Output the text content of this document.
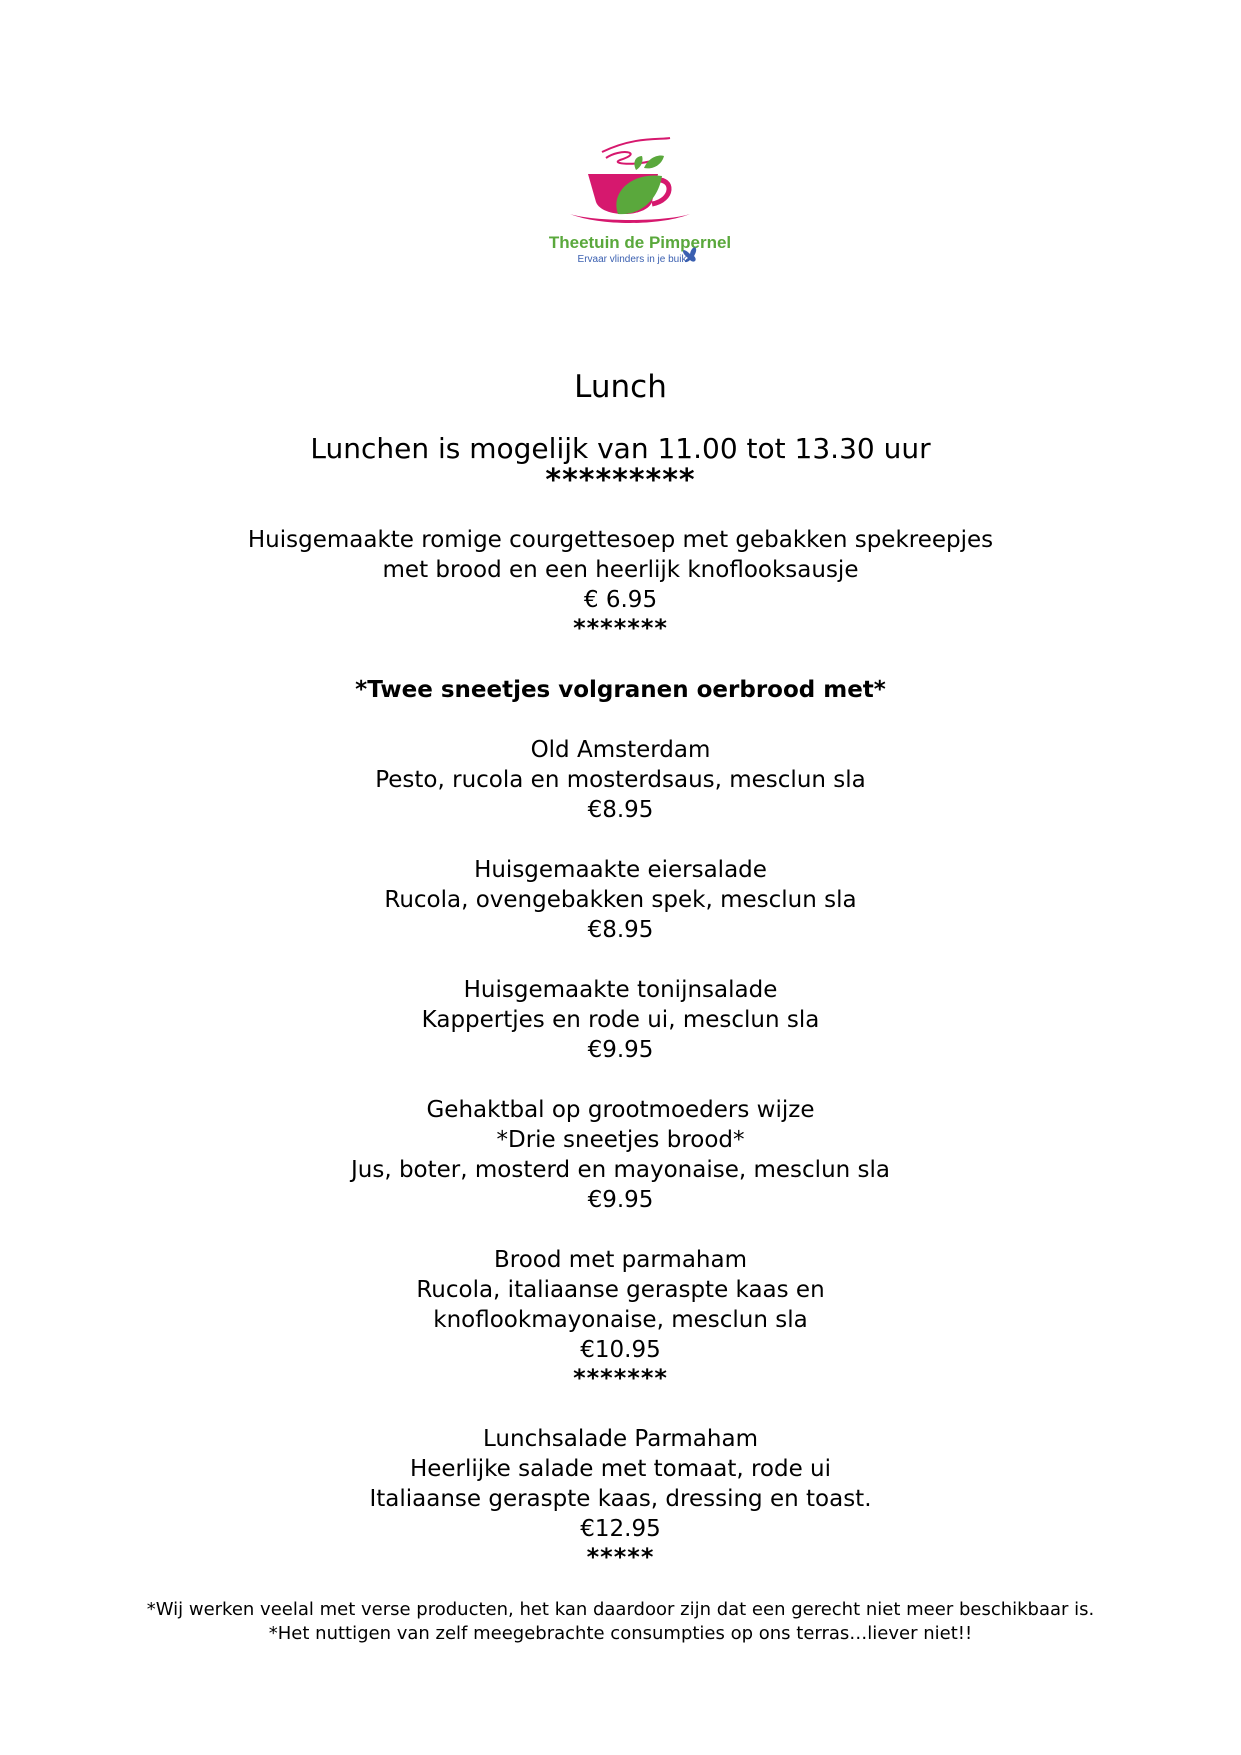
Theetuin de Pimpernel
Ervaar vlinders in je buik
Lunch
Lunchen is mogelijk van 11.00 tot 13.30 uur
*********
Huisgemaakte romige courgettesoep met gebakken spekreepjes
met brood en een heerlijk knoflooksausje
€ 6.95
*******
*Twee sneetjes volgranen oerbrood met*
Old Amsterdam
Pesto, rucola en mosterdsaus, mesclun sla
€8.95
Huisgemaakte eiersalade
Rucola, ovengebakken spek, mesclun sla
€8.95
Huisgemaakte tonijnsalade
Kappertjes en rode ui, mesclun sla
€9.95
Gehaktbal op grootmoeders wijze
*Drie sneetjes brood*
Jus, boter, mosterd en mayonaise, mesclun sla
€9.95
Brood met parmaham
Rucola, italiaanse geraspte kaas en
knoflookmayonaise, mesclun sla
€10.95
*******
Lunchsalade Parmaham
Heerlijke salade met tomaat, rode ui
Italiaanse geraspte kaas, dressing en toast.
€12.95
*****
*Wij werken veelal met verse producten, het kan daardoor zijn dat een gerecht niet meer beschikbaar is.
*Het nuttigen van zelf meegebrachte consumpties op ons terras…liever niet!!
